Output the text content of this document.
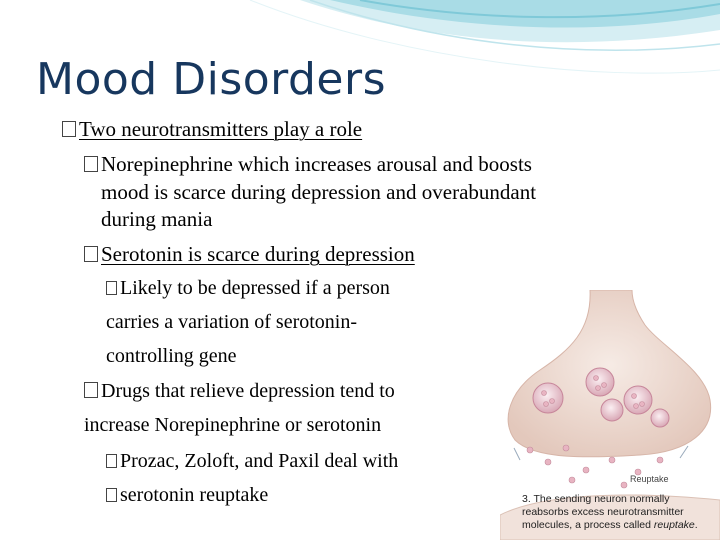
Mood Disorders

Two neurotransmitters play a role

Norepinephrine which increases arousal and boosts

mood is scarce during depression and overabundant

during mania

Serotonin is scarce during depression

Likely to be depressed if a person

carries a variation of serotonin-

controlling gene

Drugs that relieve depression tend to

increase Norepinephrine or serotonin

Prozac, Zoloft, and Paxil deal with

serotonin reuptake

Reuptake
3. The sending neuron normally reabsorbs excess neurotransmitter molecules, a process called reuptake.
